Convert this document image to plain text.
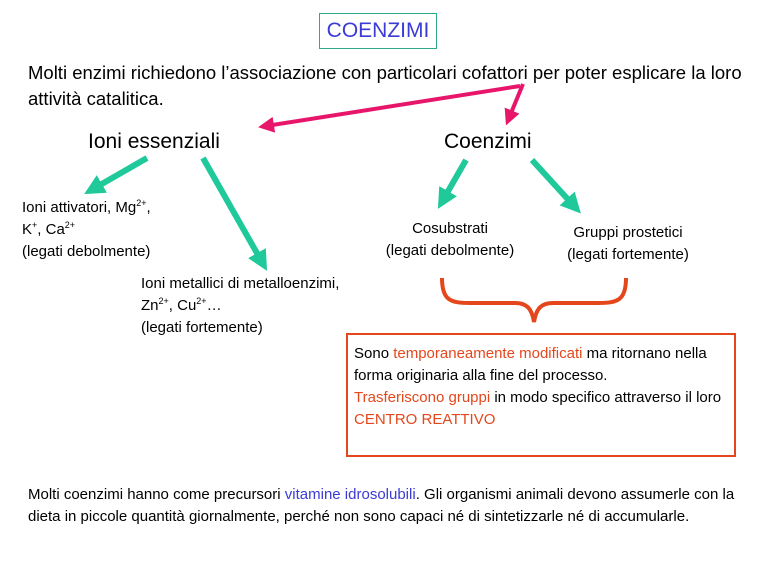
COENZIMI
Molti enzimi richiedono l’associazione con particolari cofattori per poter esplicare la loro attività catalitica.
Ioni essenziali	Coenzimi
Ioni attivatori, $Mg^{2+}$,
K+, $Ca^{2+}$
(legati debolmente)
Ioni metallici di metalloenzimi,
$Zn^{2+}$, $Cu^{2+}\dots$
(legati fortemente)
Cosubstrati
(legati debolmente)
Gruppi prostetici
(legati fortemente)
Sono temporaneamente modificati ma ritornano nella forma originaria alla fine del processo.
Trasferiscono gruppi in modo specifico attraverso il loro CENTRO REATTIVO
Molti coenzimi hanno come precursori vitamine idrosolubili. Gli organismi animali devono assumerle con la dieta in piccole quantità giornalmente, perché non sono capaci né di sintetizzarle né di accumularle.
